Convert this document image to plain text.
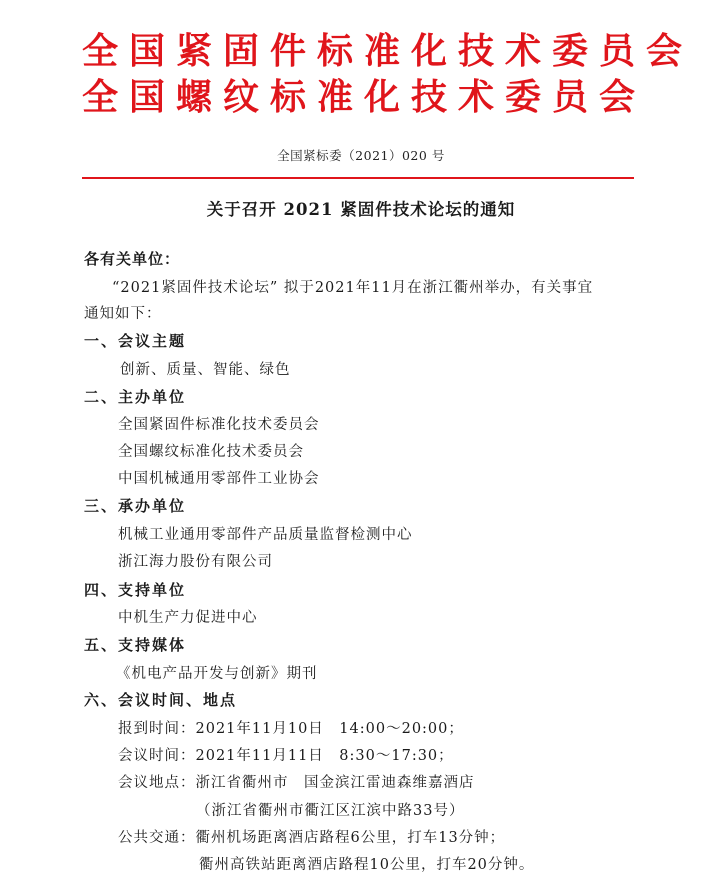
全国紧固件标准化技术委员会
全国螺纹标准化技术委员会
全国紧标委（2021）020 号
关于召开 2021 紧固件技术论坛的通知
各有关单位：
“2021紧固件技术论坛” 拟于2021年11月在浙江衢州举办，有关事宜
通知如下：
一、会议主题
创新、质量、智能、绿色
二、主办单位
全国紧固件标准化技术委员会
全国螺纹标准化技术委员会
中国机械通用零部件工业协会
三、承办单位
机械工业通用零部件产品质量监督检测中心
浙江海力股份有限公司
四、支持单位
中机生产力促进中心
五、支持媒体
《机电产品开发与创新》期刊
六、会议时间、地点
报到时间：2021年11月10日　14:00～20:00；
会议时间：2021年11月11日　8:30～17:30；
会议地点：浙江省衢州市　国金滨江雷迪森维嘉酒店
（浙江省衢州市衢江区江滨中路33号）
公共交通：衢州机场距离酒店路程6公里，打车13分钟；
衢州高铁站距离酒店路程10公里，打车20分钟。
